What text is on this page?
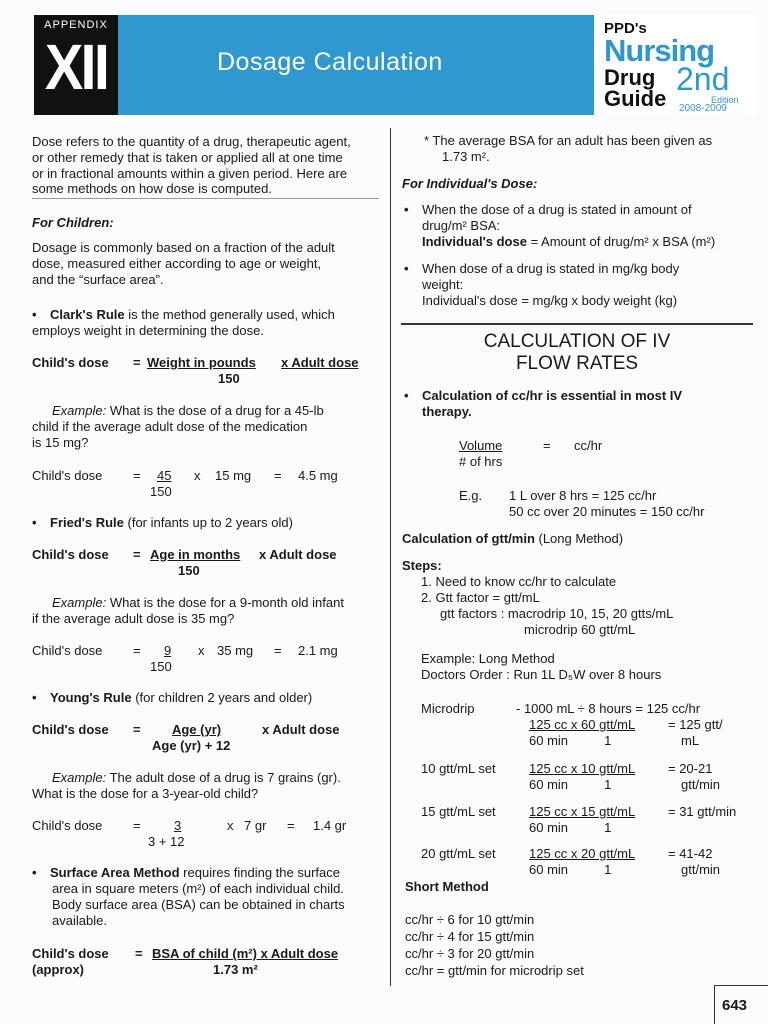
APPENDIX
XII	Dosage Calculation
PPD's
Nursing
Drug
Guide
2nd
Edition
2008-2009

Dose refers to the quantity of a drug, therapeutic agent,

or other remedy that is taken or applied all at one time

or in fractional amounts within a given period. Here are

some methods on how dose is computed.

For Children:

Dosage is commonly based on a fraction of the adult

dose, measured either according to age or weight,

and the “surface area”.

• Clark's Rule is the method generally used, which

employs weight in determining the dose.

Child's dose = Weight in pounds x Adult dose

150

Example: What is the dose of a drug for a 45-lb

child if the average adult dose of the medication

is 15 mg?

Child's dose = 45

150

x 15 mg = 4.5 mg

• Fried's Rule (for infants up to 2 years old)

Child's dose = Age in months x Adult dose

150

Example: What is the dose for a 9-month old infant

if the average adult dose is 35 mg?

Child's dose =	9

150

x 35 mg = 2.1 mg

• Young's Rule (for children 2 years and older)

Child's dose =	Age (yr)	x Adult dose

Age (yr) + 12

Example: The adult dose of a drug is 7 grains (gr).

What is the dose for a 3-year-old child?

Child's dose =	3

3 + 12

x 7 gr = 1.4 gr

• Surface Area Method requires finding the surface

area in square meters (m²) of each individual child.

Body surface area (BSA) can be obtained in charts

available.

Child's dose = BSA of child (m²) x Adult dose

(approx)	1.73 m²

* The average BSA for an adult has been given as

1.73 m².

For Individual's Dose:

• When the dose of a drug is stated in amount of

drug/m² BSA:

Individual's dose = Amount of drug/m² x BSA (m²)

• When dose of a drug is stated in mg/kg body

weight:

Individual's dose = mg/kg x body weight (kg)

CALCULATION OF IV
FLOW RATES

• Calculation of cc/hr is essential in most IV

therapy.

Volume	= cc/hr

# of hrs

E.g. 1 L over 8 hrs = 125 cc/hr

50 cc over 20 minutes = 150 cc/hr

Calculation of gtt/min (Long Method)

Steps:

1. Need to know cc/hr to calculate

2. Gtt factor = gtt/mL

gtt factors : macrodrip 10, 15, 20 gtts/mL

microdrip 60 gtt/mL

Example: Long Method

Doctors Order : Run 1L D₅W over 8 hours

Microdrip	- 1000 mL ÷ 8 hours = 125 cc/hr

125 cc x 60 gtt/mL	= 125 gtt/

60 min          1	mL

10 gtt/mL set	125 cc x 10 gtt/mL	= 20-21

60 min          1	gtt/min

15 gtt/mL set	125 cc x 15 gtt/mL	= 31 gtt/min

60 min          1

20 gtt/mL set	125 cc x 20 gtt/mL	= 41-42

60 min          1	gtt/min

Short Method

cc/hr ÷ 6 for 10 gtt/min

cc/hr ÷ 4 for 15 gtt/min

cc/hr ÷ 3 for 20 gtt/min

cc/hr = gtt/min for microdrip set

643
